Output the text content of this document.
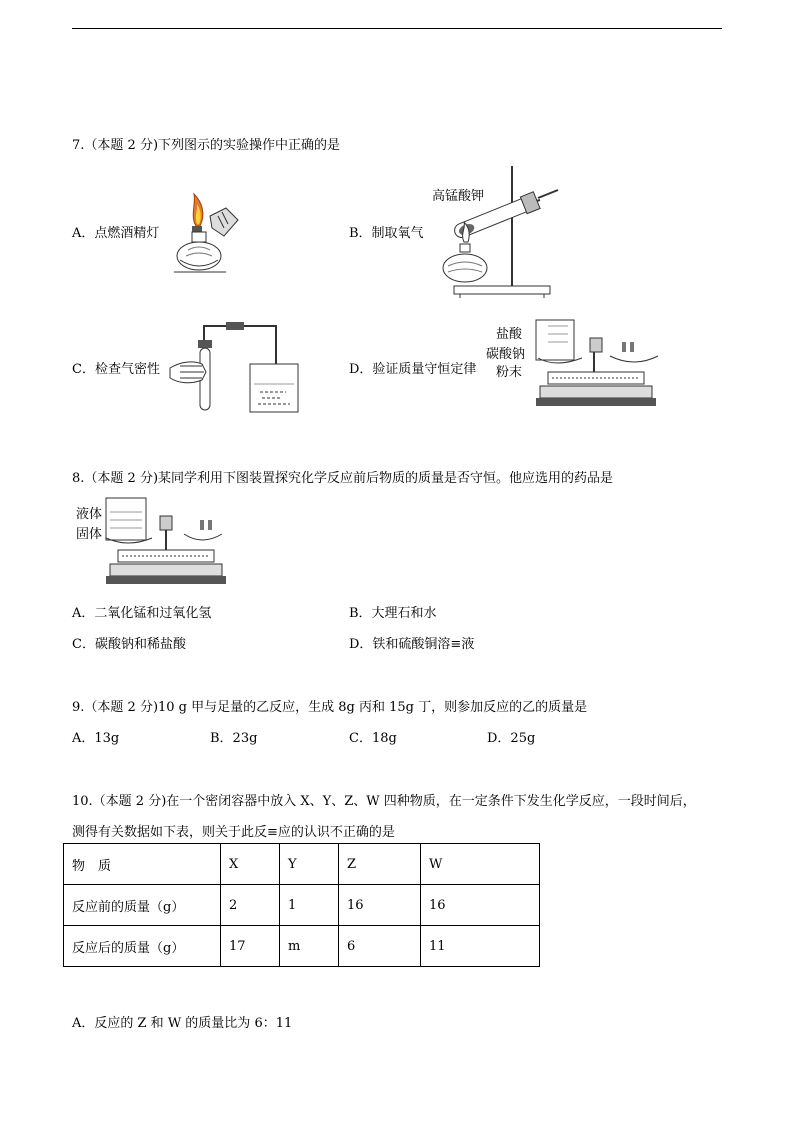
7.（本题 2 分)下列图示的实验操作中正确的是
A．点燃酒精灯	B．制取氧气
高锰酸钾
C．检查气密性	D．验证质量守恒定律
盐酸
碳酸钠
粉末
8.（本题 2 分)某同学利用下图装置探究化学反应前后物质的质量是否守恒。他应选用的药品是
液体
固体
A．二氧化锰和过氧化氢	B．大理石和水
C．碳酸钠和稀盐酸	D．铁和硫酸铜溶≡液
9.（本题 2 分)10 g 甲与足量的乙反应，生成 8g 丙和 15g 丁，则参加反应的乙的质量是
A．13g	B．23g	C．18g	D．25g
10.（本题 2 分)在一个密闭容器中放入 X、Y、Z、W 四种物质，在一定条件下发生化学反应，一段时间后，
测得有关数据如下表，则关于此反≡应的认识不正确的是
物　质	X	Y	Z	W
反应前的质量（g）	2	1	16	16
反应后的质量（g）	17	m	6	11
A．反应的 Z 和 W 的质量比为 6：11
